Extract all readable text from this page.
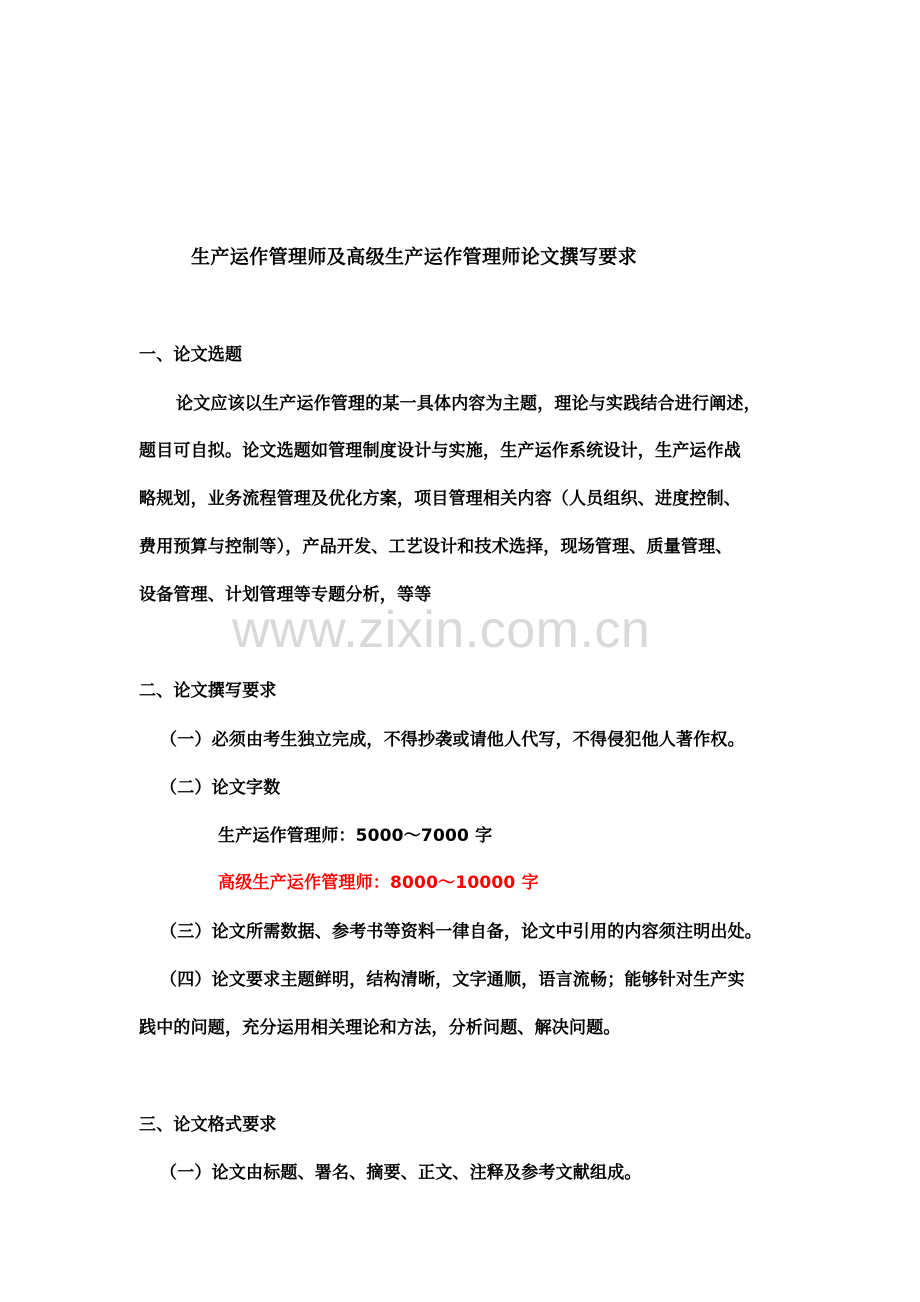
生产运作管理师及高级生产运作管理师论文撰写要求
一、论文选题
论文应该以生产运作管理的某一具体内容为主题，理论与实践结合进行阐述，
题目可自拟。论文选题如管理制度设计与实施，生产运作系统设计，生产运作战
略规划，业务流程管理及优化方案，项目管理相关内容（人员组织、进度控制、
费用预算与控制等），产品开发、工艺设计和技术选择，现场管理、质量管理、
设备管理、计划管理等专题分析，等等
www.zixin.com.cn
二、论文撰写要求
（一）必须由考生独立完成，不得抄袭或请他人代写，不得侵犯他人著作权。
（二）论文字数
生产运作管理师：5000～7000 字
高级生产运作管理师：8000～10000 字
（三）论文所需数据、参考书等资料一律自备，论文中引用的内容须注明出处。
（四）论文要求主题鲜明，结构清晰，文字通顺，语言流畅；能够针对生产实
践中的问题，充分运用相关理论和方法，分析问题、解决问题。
三、论文格式要求
（一）论文由标题、署名、摘要、正文、注释及参考文献组成。
